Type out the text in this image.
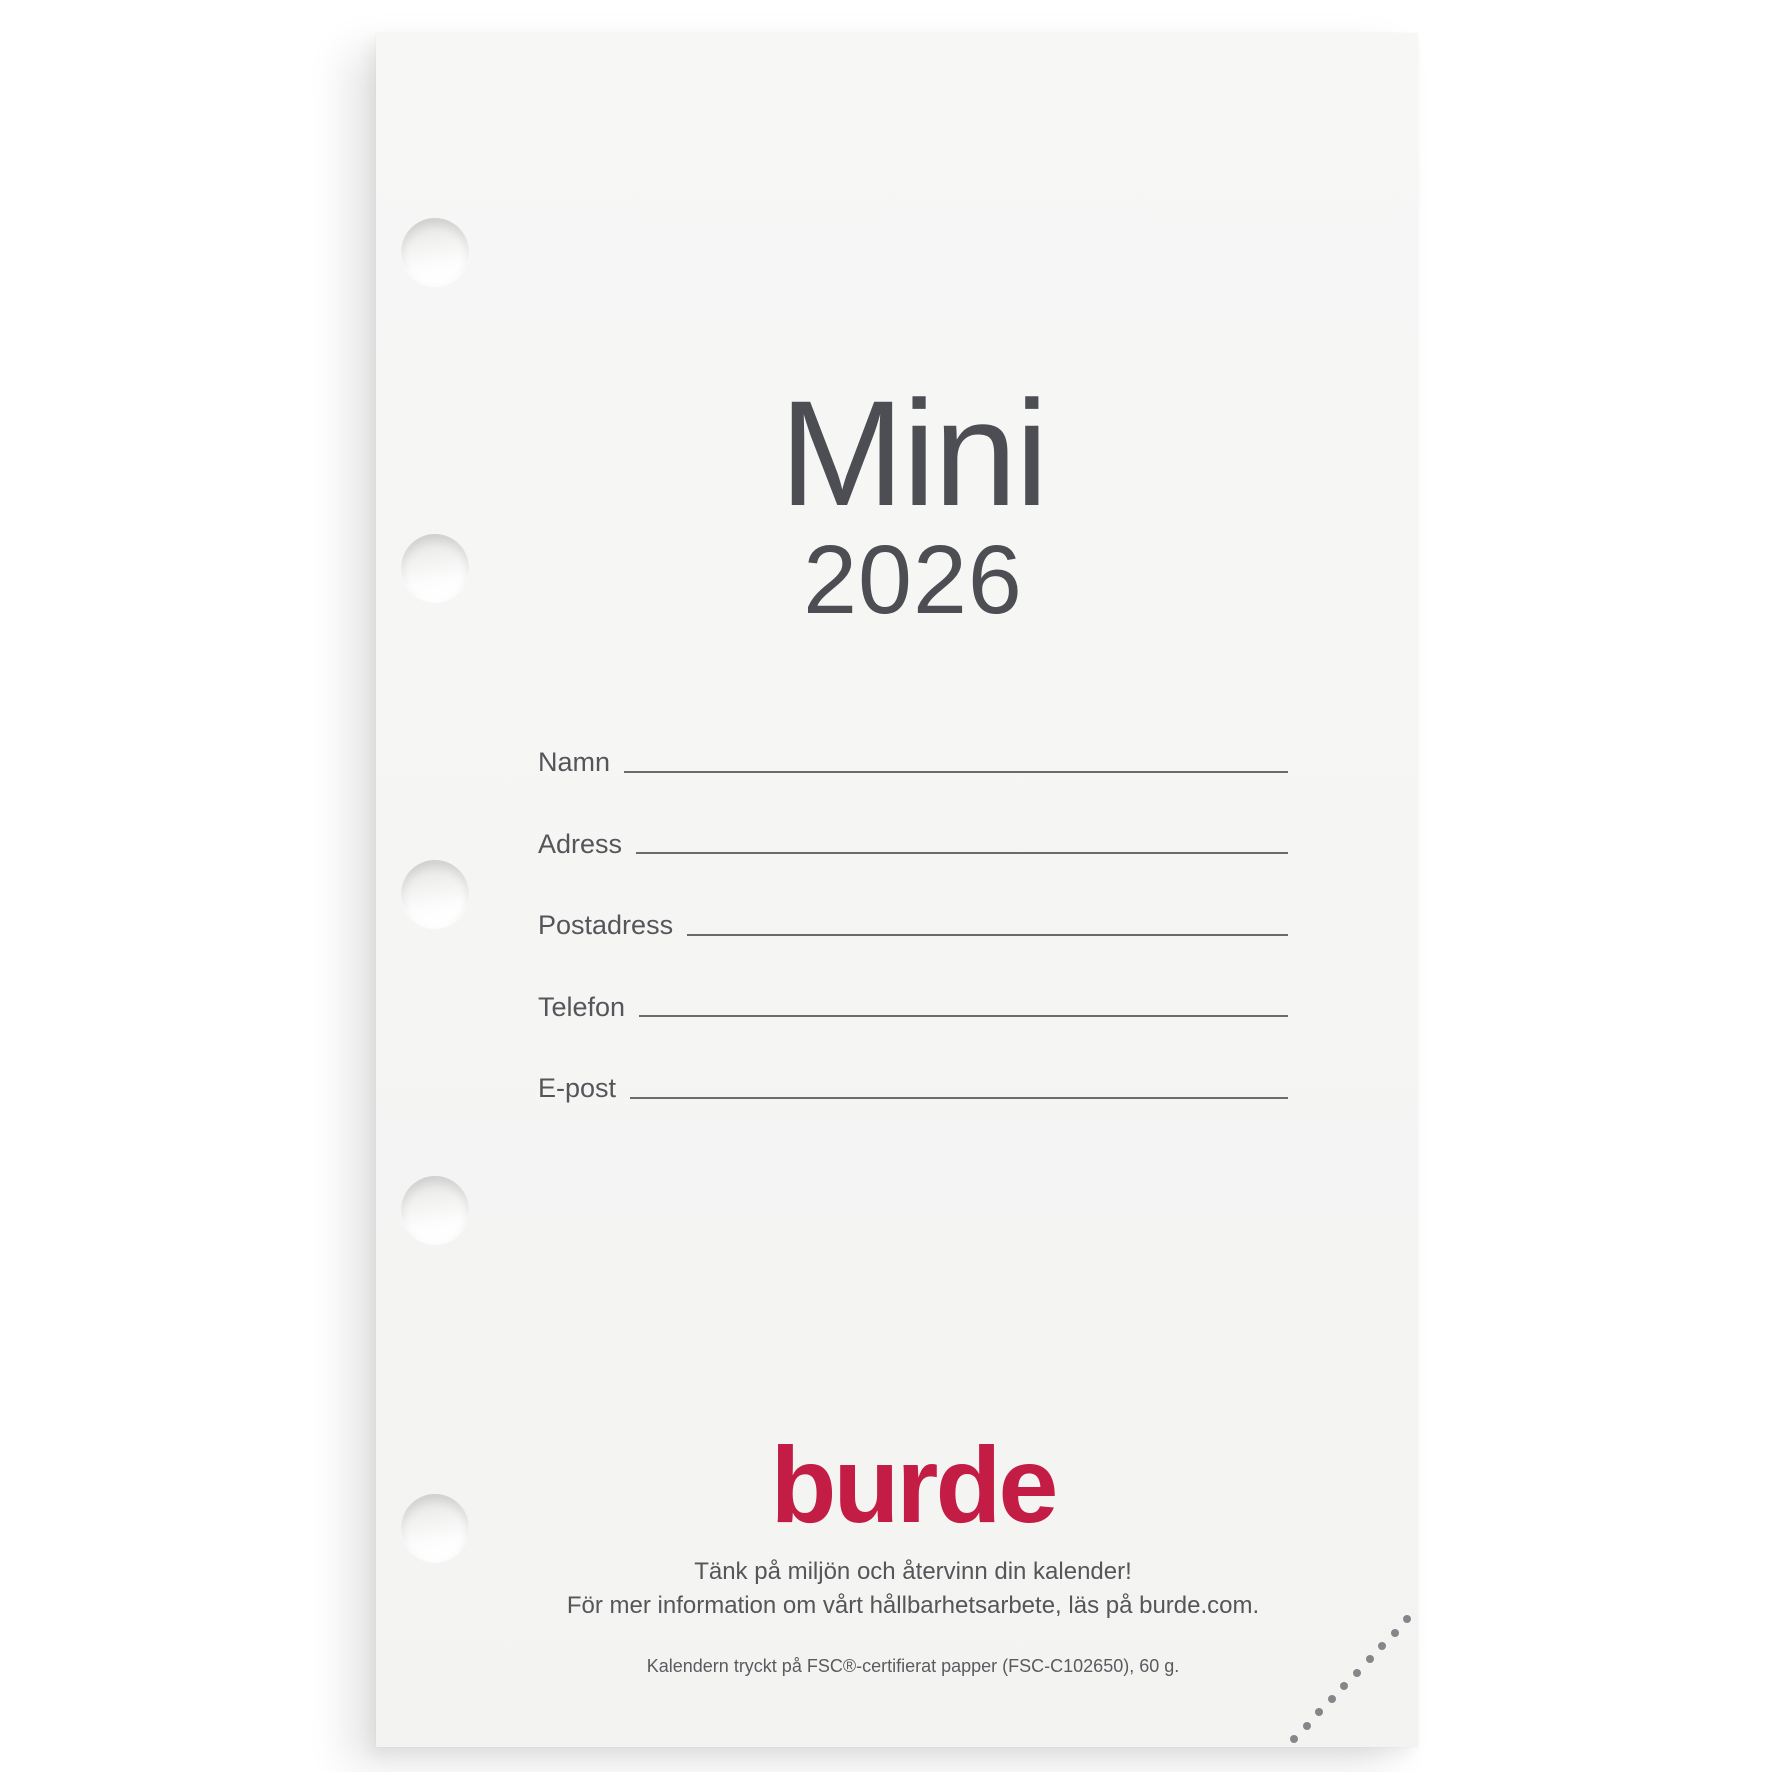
Mini
2026
Namn
Adress
Postadress
Telefon
E-post
burde
Tänk på miljön och återvinn din kalender!
För mer information om vårt hållbarhetsarbete, läs på burde.com.
Kalendern tryckt på FSC®-certifierat papper (FSC-C102650), 60 g.
